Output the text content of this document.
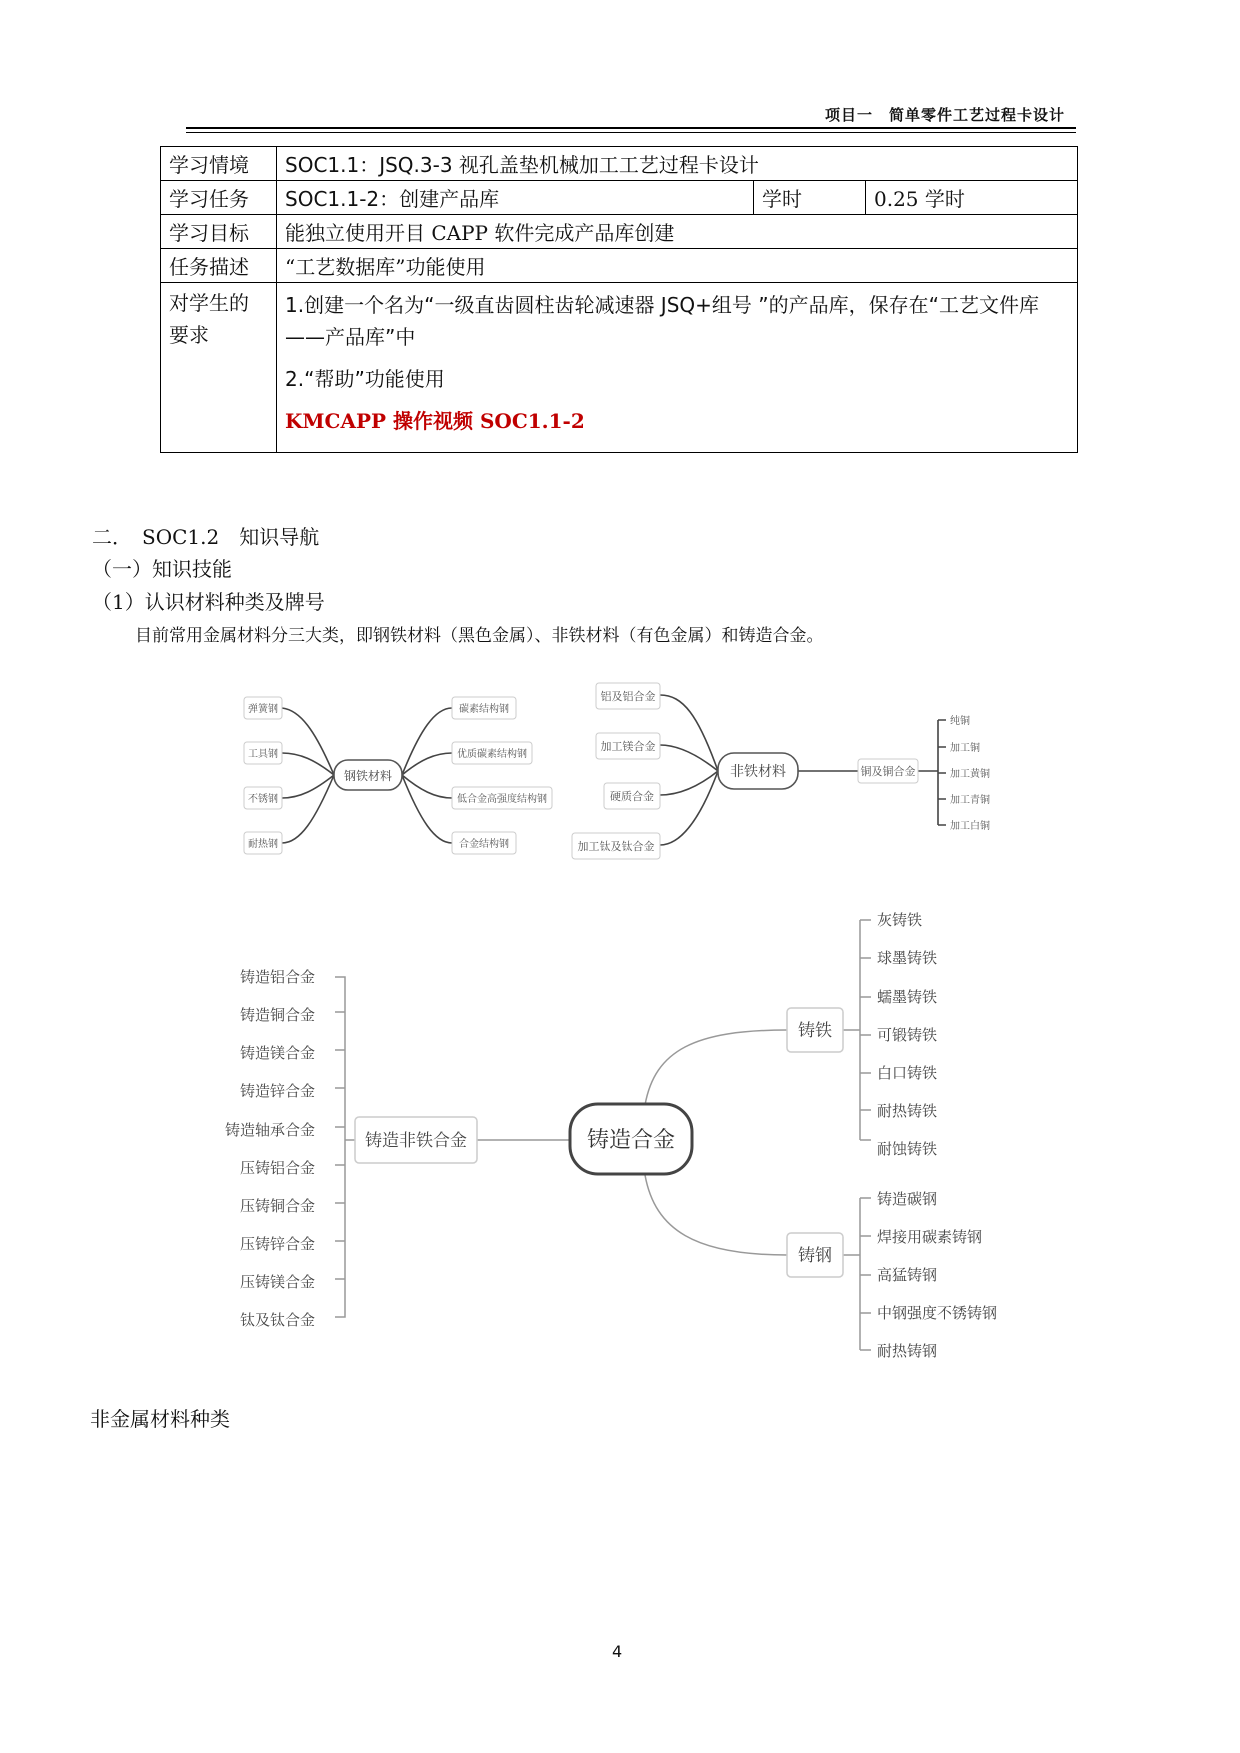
项目一　简单零件工艺过程卡设计
学习情境	SOC1.1：JSQ.3-3 视孔盖垫机械加工工艺过程卡设计		
学习任务	SOC1.1-2：创建产品库	学时	0.25 学时
学习目标	能独立使用开目 CAPP 软件完成产品库创建		
任务描述	“工艺数据库”功能使用		
对学生的要求	1.创建一个名为“一级直齿圆柱齿轮减速器 JSQ+组号 ”的产品库，保存在“工艺文件库——产品库”中

2.“帮助”功能使用

KMCAPP 操作视频 SOC1.1-2		

二．　SOC1.2　知识导航
（一）知识技能
（1）认识材料种类及牌号
目前常用金属材料分三大类，即钢铁材料（黑色金属）、非铁材料（有色金属）和铸造合金。
弹簧钢
工具钢
不锈钢
耐热钢
碳素结构钢
优质碳素结构钢
低合金高强度结构钢
合金结构钢
钢铁材料
铝及铝合金
加工镁合金
硬质合金
加工钛及钛合金
铜及铜合金
纯铜
加工铜
加工黄铜
加工青铜
加工白铜
非铁材料
铸造铝合金
铸造铜合金
铸造镁合金
铸造锌合金
铸造轴承合金
压铸铝合金
压铸铜合金
压铸锌合金
压铸镁合金
钛及钛合金
灰铸铁
球墨铸铁
蠕墨铸铁
可锻铸铁
白口铸铁
耐热铸铁
耐蚀铸铁
铸造碳钢
焊接用碳素铸钢
高猛铸钢
中钢强度不锈铸钢
耐热铸钢
铸造非铁合金	铸造合金
铸铁
铸钢
非金属材料种类
4
